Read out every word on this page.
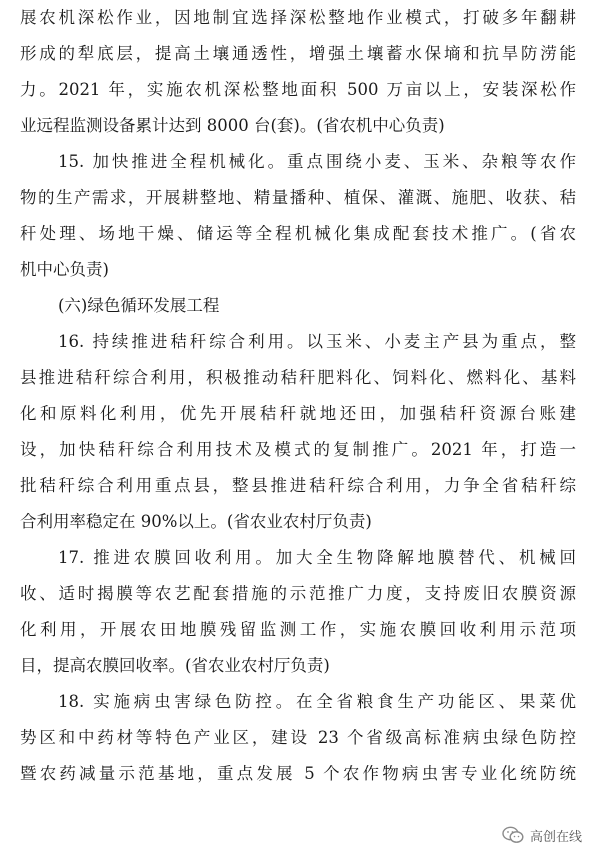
展农机深松作业，因地制宜选择深松整地作业模式，打破多年翻耕
形成的犁底层，提高土壤通透性，增强土壤蓄水保墒和抗旱防涝能
力。2021 年，实施农机深松整地面积 500 万亩以上，安装深松作
业远程监测设备累计达到 8000 台(套)。(省农机中心负责)
15. 加快推进全程机械化。重点围绕小麦、玉米、杂粮等农作
物的生产需求，开展耕整地、精量播种、植保、灌溉、施肥、收获、秸
秆处理、场地干燥、储运等全程机械化集成配套技术推广。(省农
机中心负责)
(六)绿色循环发展工程
16. 持续推进秸秆综合利用。以玉米、小麦主产县为重点，整
县推进秸秆综合利用，积极推动秸秆肥料化、饲料化、燃料化、基料
化和原料化利用，优先开展秸秆就地还田，加强秸秆资源台账建
设，加快秸秆综合利用技术及模式的复制推广。2021 年，打造一
批秸秆综合利用重点县，整县推进秸秆综合利用，力争全省秸秆综
合利用率稳定在 90%以上。(省农业农村厅负责)
17. 推进农膜回收利用。加大全生物降解地膜替代、机械回
收、适时揭膜等农艺配套措施的示范推广力度，支持废旧农膜资源
化利用，开展农田地膜残留监测工作，实施农膜回收利用示范项
目，提高农膜回收率。(省农业农村厅负责)
18. 实施病虫害绿色防控。在全省粮食生产功能区、果菜优
势区和中药材等特色产业区，建设 23 个省级高标准病虫绿色防控
暨农药减量示范基地，重点发展 5 个农作物病虫害专业化统防统
高创在线
